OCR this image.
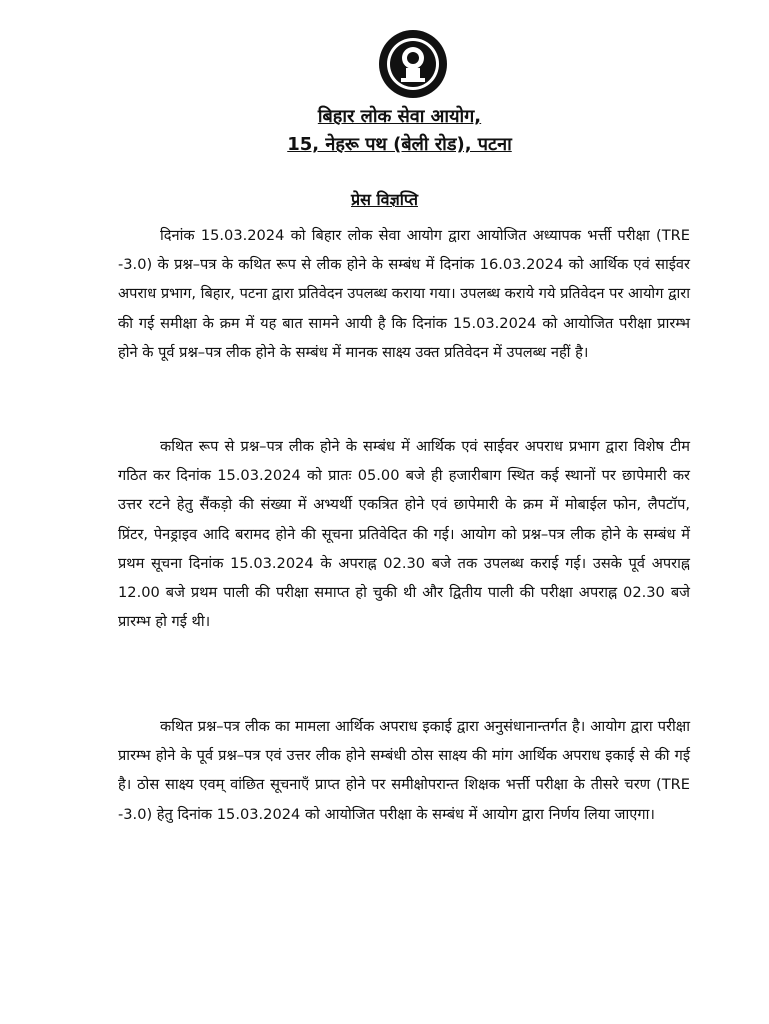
बिहार लोक सेवा आयोग,
15, नेहरू पथ (बेली रोड), पटना
प्रेस विज्ञप्ति

दिनांक 15.03.2024 को बिहार लोक सेवा आयोग द्वारा आयोजित अध्यापक भर्त्ती परीक्षा (TRE -3.0) के प्रश्न–पत्र के कथित रूप से लीक होने के सम्बंध में दिनांक 16.03.2024 को आर्थिक एवं साईवर अपराध प्रभाग, बिहार, पटना द्वारा प्रतिवेदन उपलब्ध कराया गया। उपलब्ध कराये गये प्रतिवेदन पर आयोग द्वारा की गई समीक्षा के क्रम में यह बात सामने आयी है कि दिनांक 15.03.2024 को आयोजित परीक्षा प्रारम्भ होने के पूर्व प्रश्न–पत्र लीक होने के सम्बंध में मानक साक्ष्य उक्त प्रतिवेदन में उपलब्ध नहीं है।

कथित रूप से प्रश्न–पत्र लीक होने के सम्बंध में आर्थिक एवं साईवर अपराध प्रभाग द्वारा विशेष टीम गठित कर दिनांक 15.03.2024 को प्रातः 05.00 बजे ही हजारीबाग स्थित कई स्थानों पर छापेमारी कर उत्तर रटने हेतु सैंकड़ो की संख्या में अभ्यर्थी एकत्रित होने एवं छापेमारी के क्रम में मोबाईल फोन, लैपटॉप, प्रिंटर, पेनड्राइव आदि बरामद होने की सूचना प्रतिवेदित की गई। आयोग को प्रश्न–पत्र लीक होने के सम्बंध में प्रथम सूचना दिनांक 15.03.2024 के अपराह्न 02.30 बजे तक उपलब्ध कराई गई। उसके पूर्व अपराह्न 12.00 बजे प्रथम पाली की परीक्षा समाप्त हो चुकी थी और द्वितीय पाली की परीक्षा अपराह्न 02.30 बजे प्रारम्भ हो गई थी।

कथित प्रश्न–पत्र लीक का मामला आर्थिक अपराध इकाई द्वारा अनुसंधानान्तर्गत है। आयोग द्वारा परीक्षा प्रारम्भ होने के पूर्व प्रश्न–पत्र एवं उत्तर लीक होने सम्बंधी ठोस साक्ष्य की मांग आर्थिक अपराध इकाई से की गई है। ठोस साक्ष्य एवम् वांछित सूचनाएँ प्राप्त होने पर समीक्षोपरान्त शिक्षक भर्त्ती परीक्षा के तीसरे चरण (TRE -3.0) हेतु दिनांक 15.03.2024 को आयोजित परीक्षा के सम्बंध में आयोग द्वारा निर्णय लिया जाएगा।
